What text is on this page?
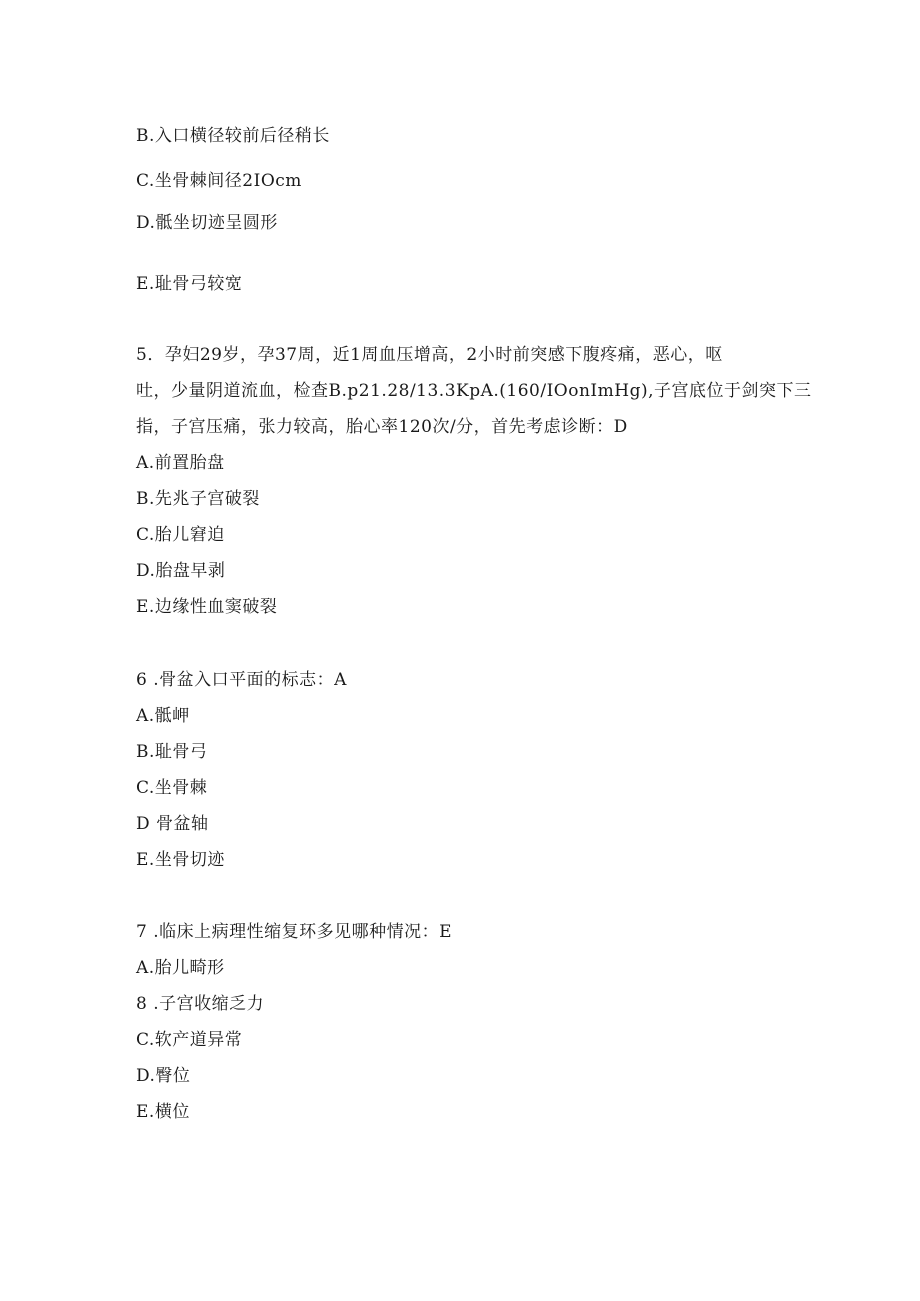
B.入口横径较前后径稍长
C.坐骨棘间径2IOcm
D.骶坐切迹呈圆形
E.耻骨弓较宽
5．孕妇29岁，孕37周，近1周血压增高，2小时前突感下腹疼痛，恶心，呕
吐，少量阴道流血，检查B.p21.28/13.3KpA.(160/IOonImHg),子宫底位于剑突下三
指，子宫压痛，张力较高，胎心率120次/分，首先考虑诊断：D
A.前置胎盘
B.先兆子宫破裂
C.胎儿窘迫
D.胎盘早剥
E.边缘性血窦破裂
6 .骨盆入口平面的标志：A
A.骶岬
B.耻骨弓
C.坐骨棘
D 骨盆轴
E.坐骨切迹
7 .临床上病理性缩复环多见哪种情况：E
A.胎儿畸形
8 .子宫收缩乏力
C.软产道异常
D.臀位
E.横位
